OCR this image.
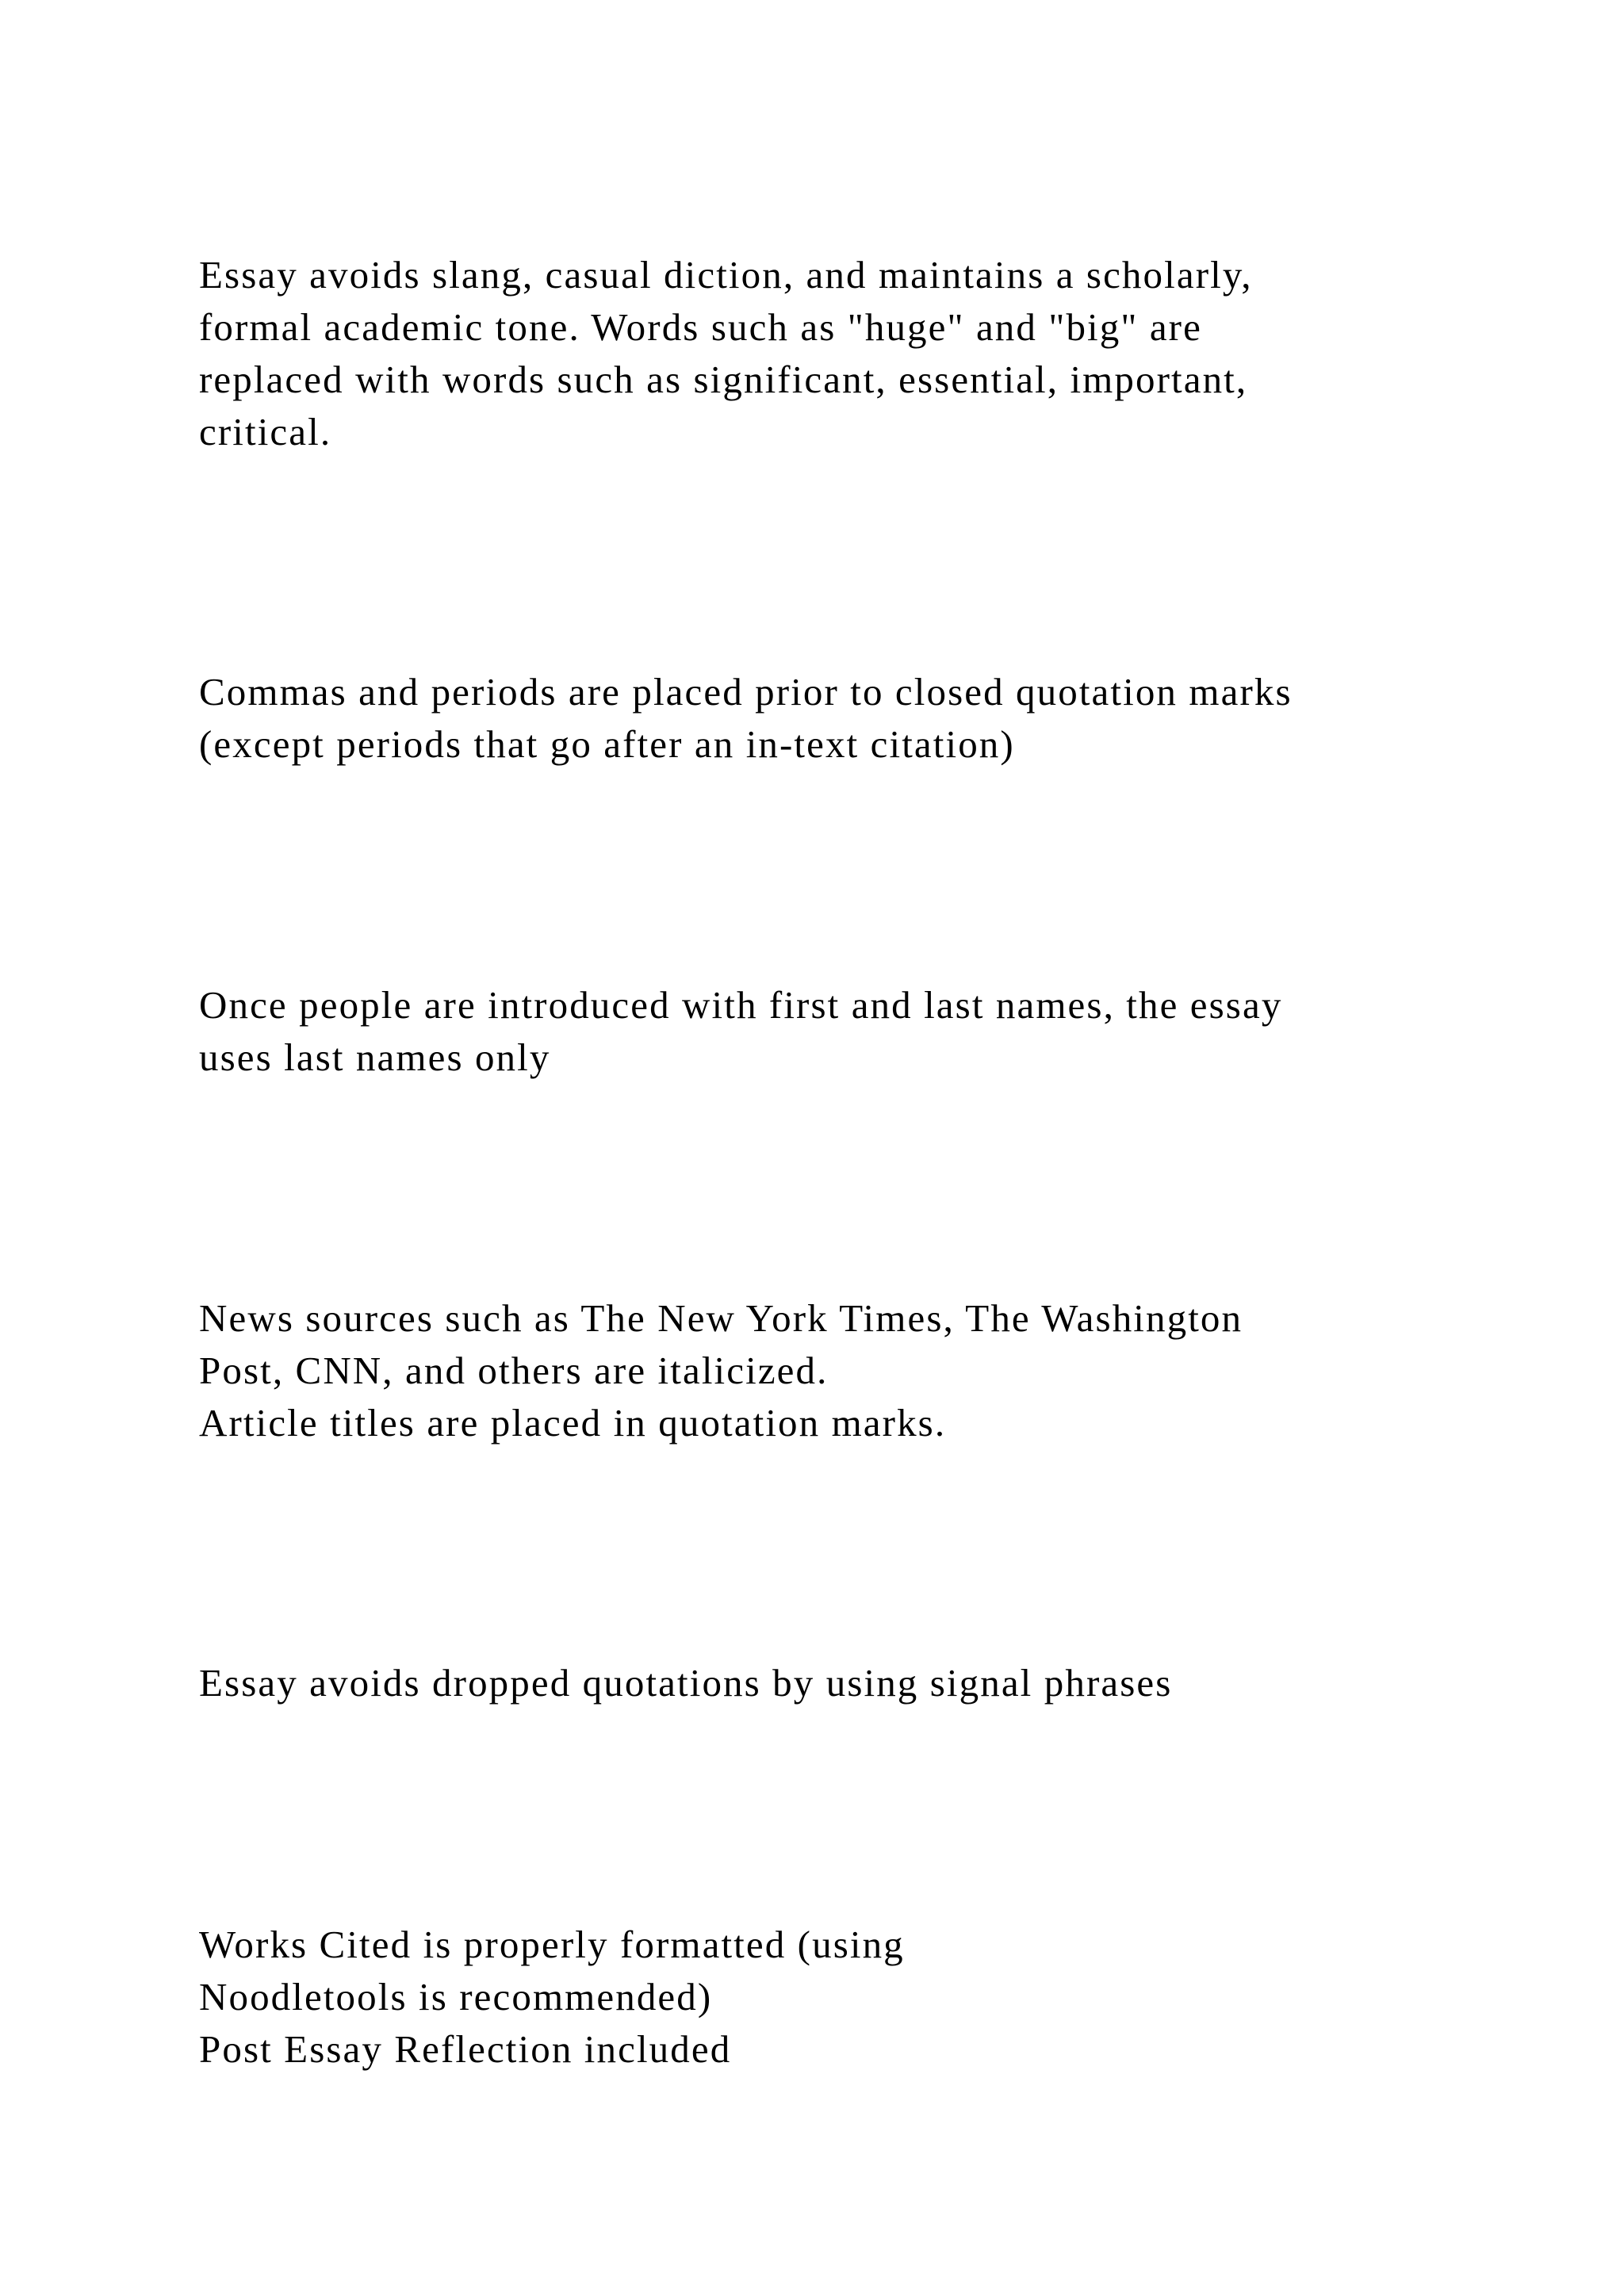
Essay avoids slang, casual diction, and maintains a scholarly,
formal academic tone. Words such as "huge" and "big" are
replaced with words such as significant, essential, important,
critical.
Commas and periods are placed prior to closed quotation marks
(except periods that go after an in-text citation)
Once people are introduced with first and last names, the essay
uses last names only
News sources such as The New York Times, The Washington
Post, CNN, and others are italicized.
Article titles are placed in quotation marks.
Essay avoids dropped quotations by using signal phrases
Works Cited is properly formatted (using
Noodletools is recommended)
Post Essay Reflection included
